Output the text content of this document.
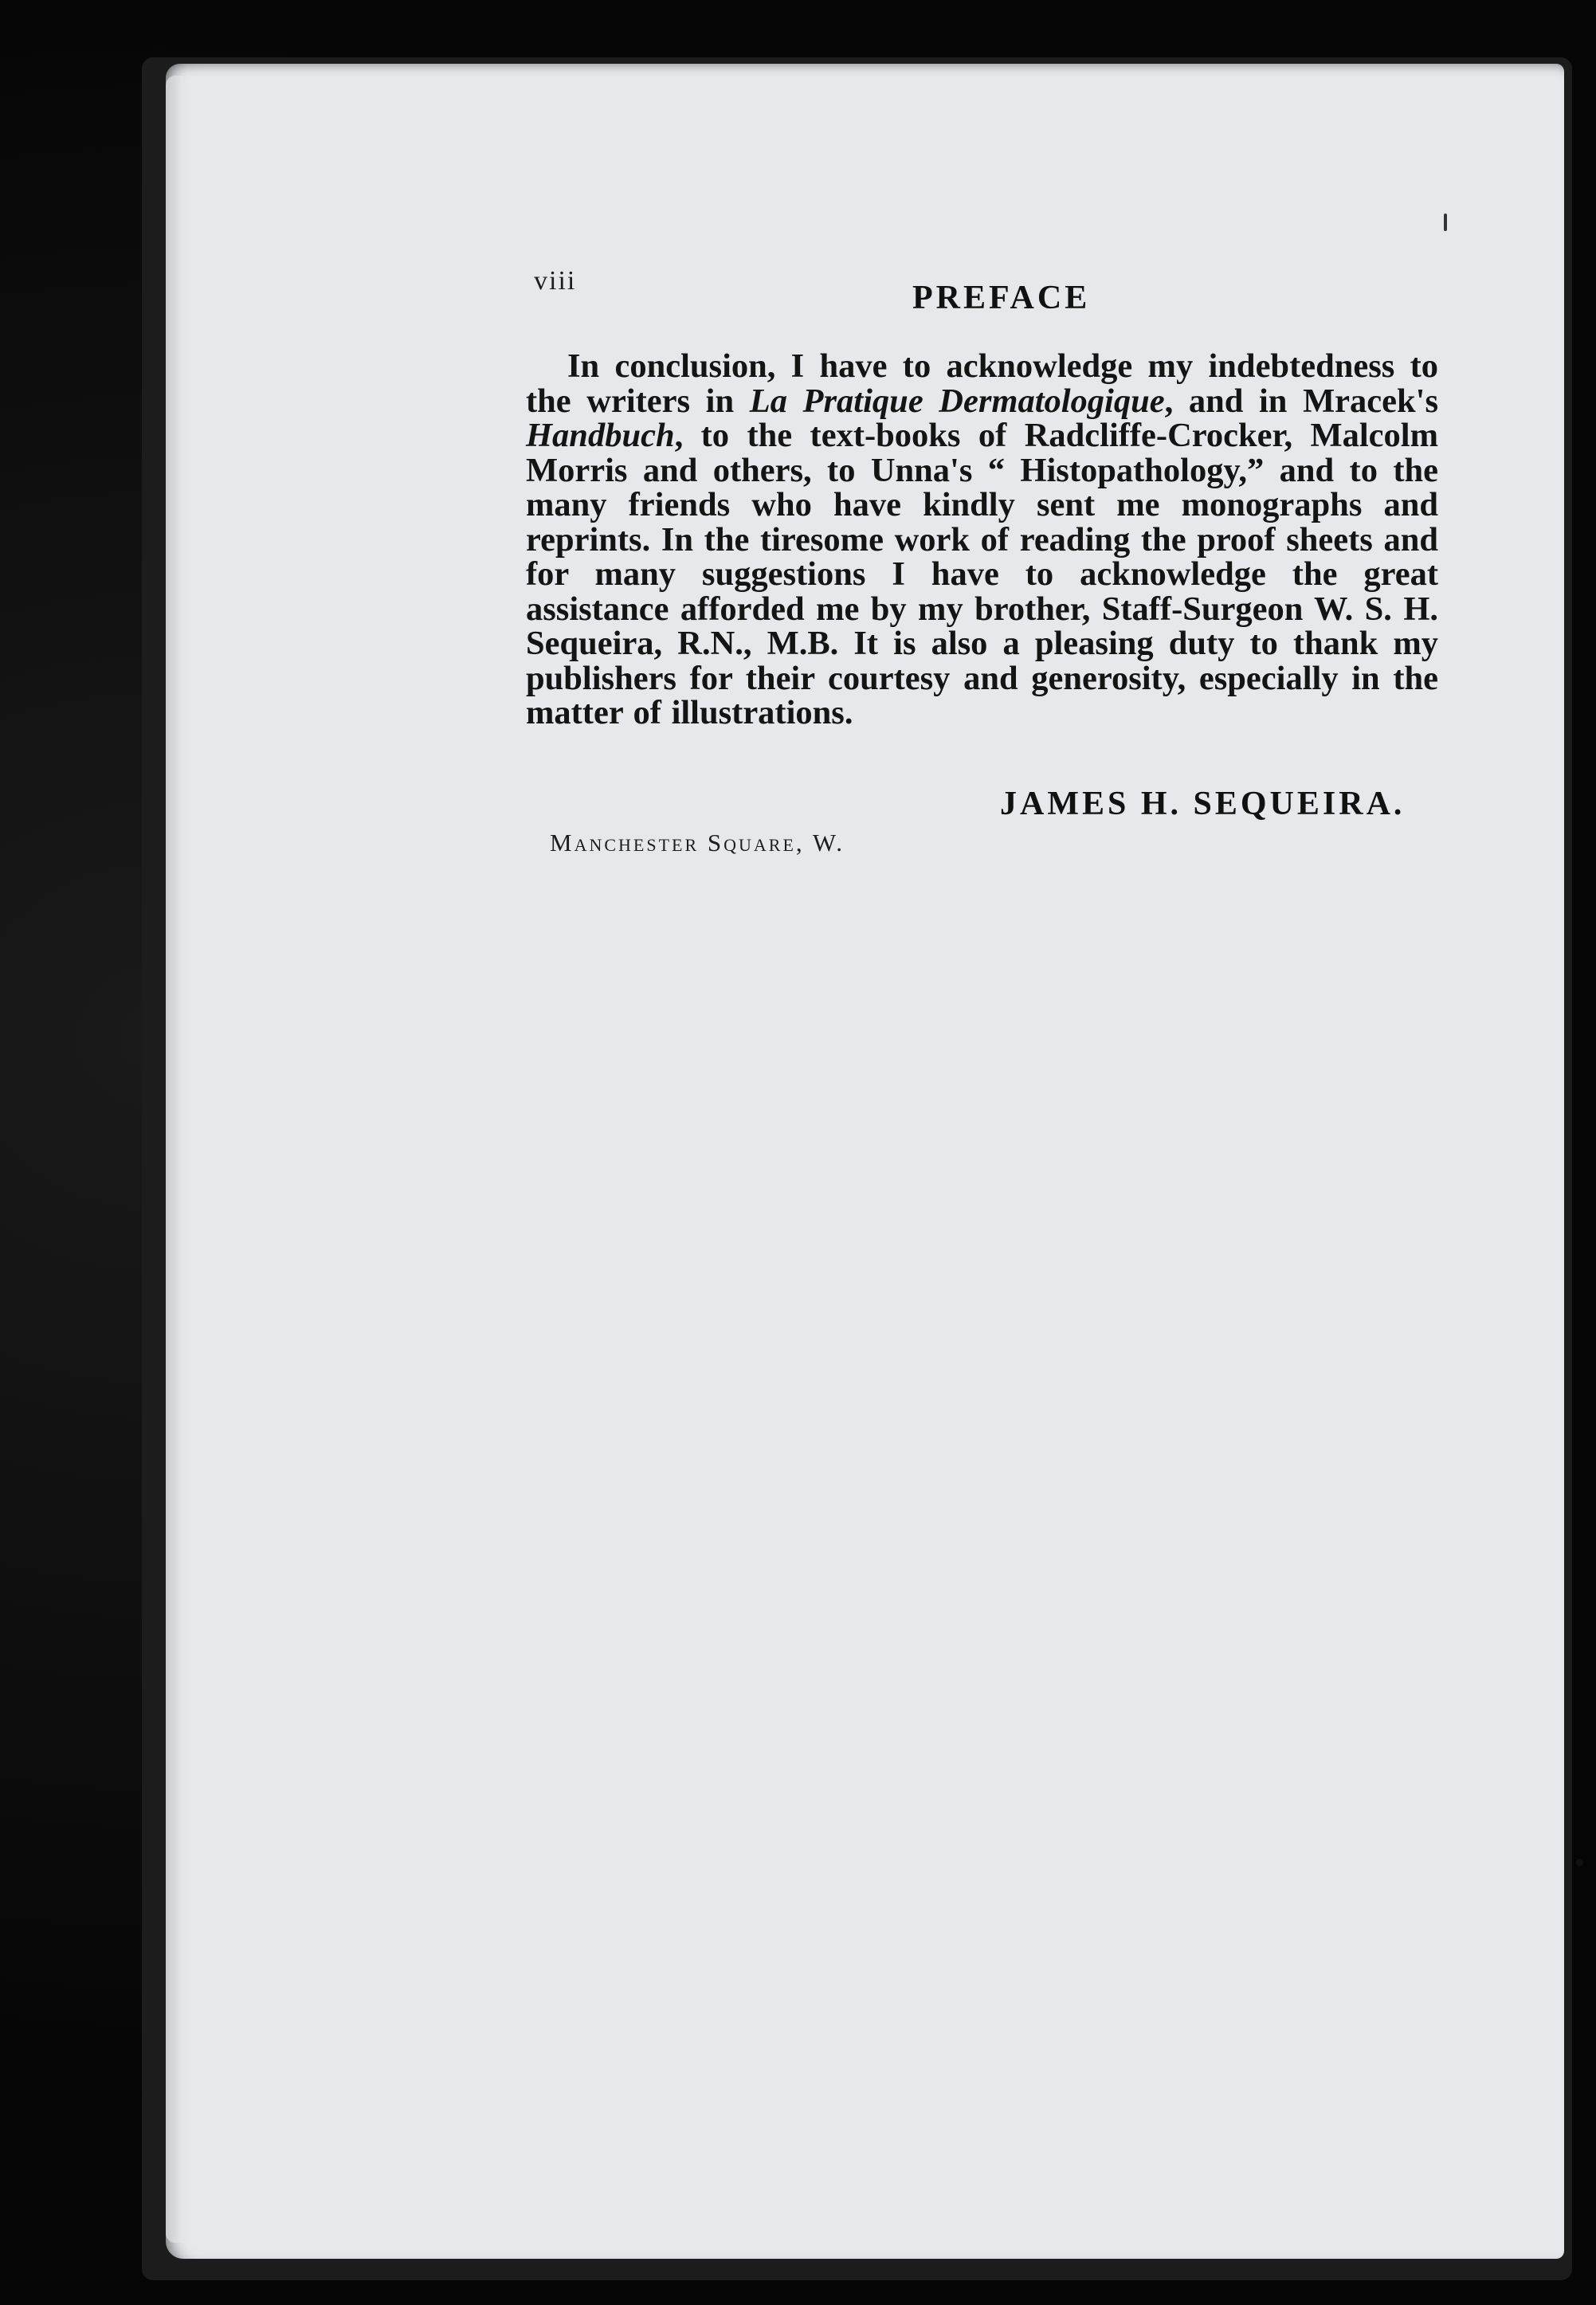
viii	PREFACE

In conclusion, I have to acknowledge my indebtedness to the writers in La Pratique Dermatologique, and in Mracek's Handbuch, to the text-books of Radcliffe-Crocker, Malcolm Morris and others, to Unna's “ Histopathology,” and to the many friends who have kindly sent me monographs and reprints. In the tiresome work of reading the proof sheets and for many suggestions I have to acknowledge the great assistance afforded me by my brother, Staff-Surgeon W. S. H. Sequeira, R.N., M.B. It is also a pleasing duty to thank my publishers for their courtesy and generosity, especially in the matter of illustrations.

JAMES H. SEQUEIRA.
Manchester Square, W.
